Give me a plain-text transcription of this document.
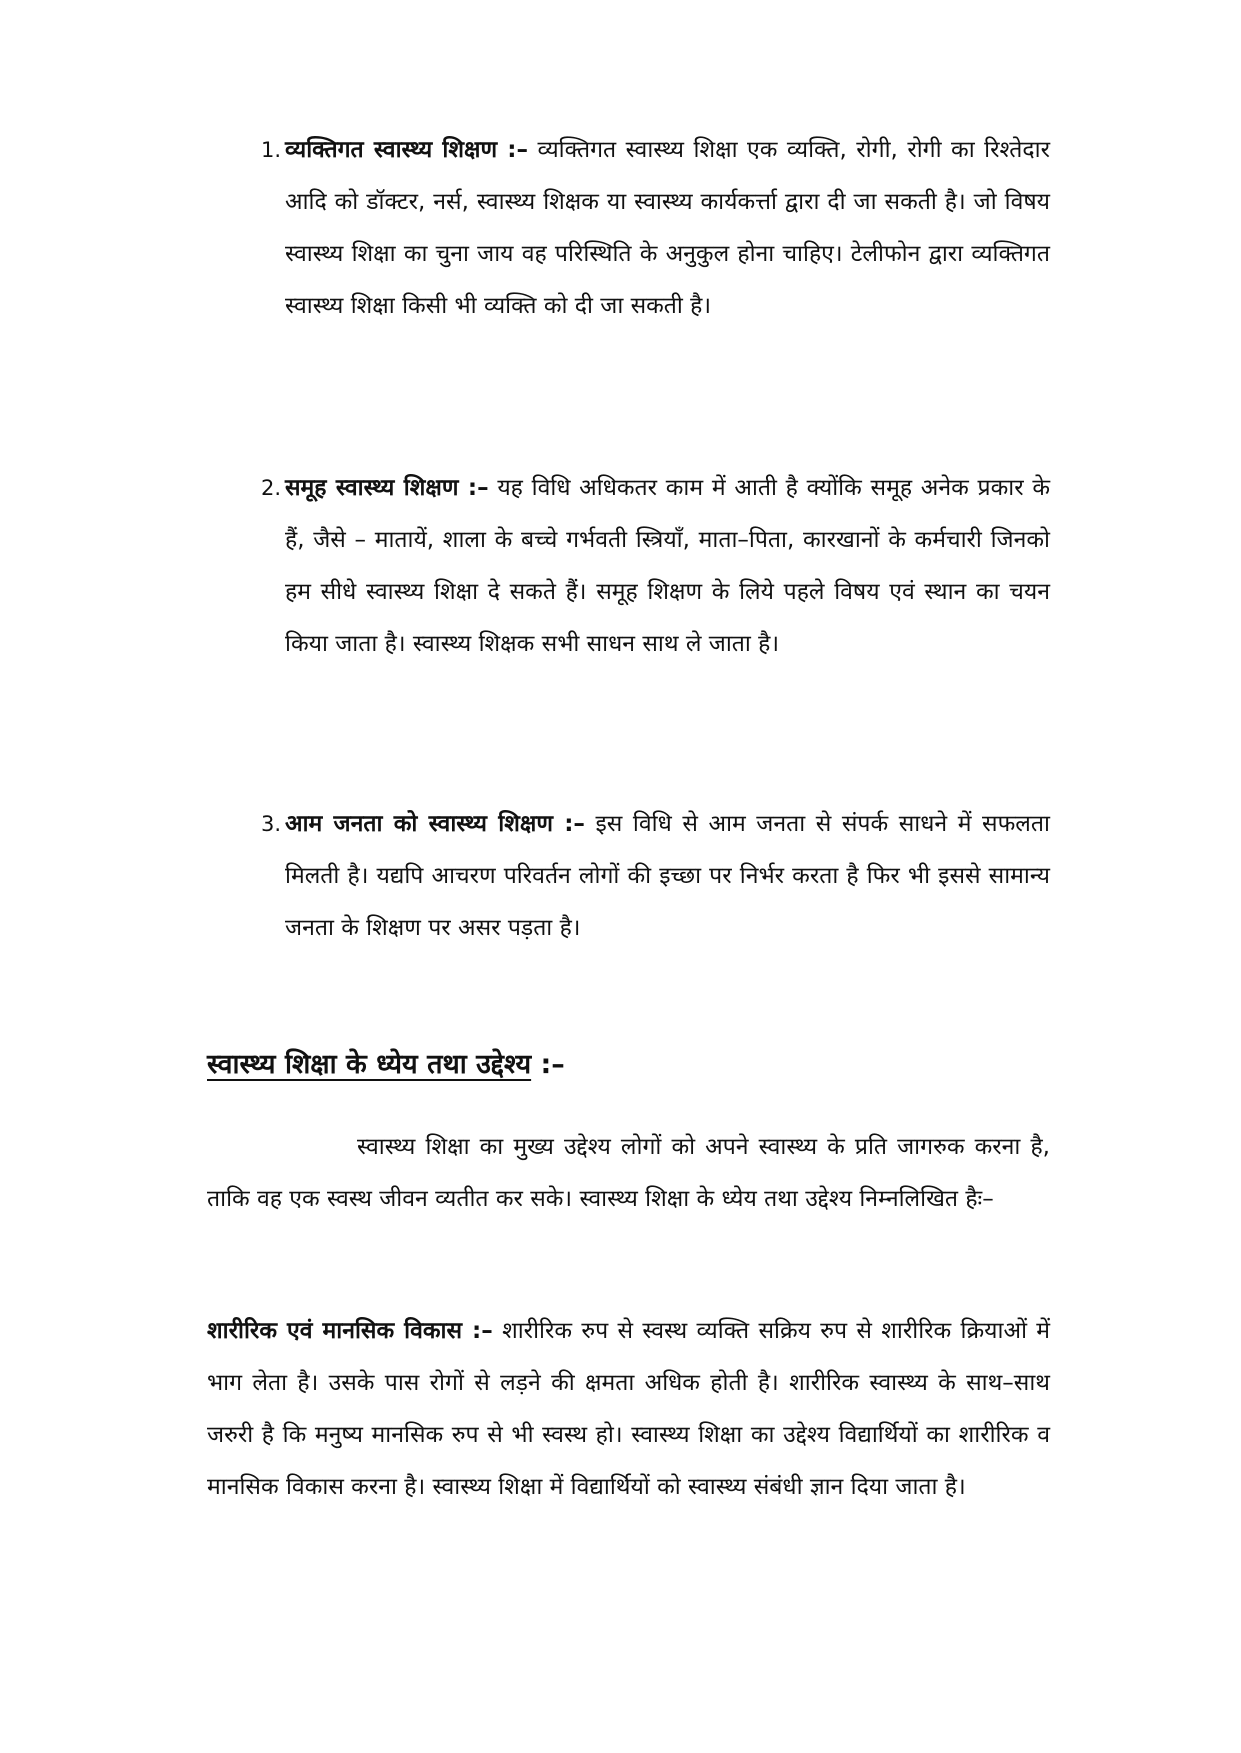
1. व्यक्तिगत स्वास्थ्य शिक्षण :– व्यक्तिगत स्वास्थ्य शिक्षा एक व्यक्ति, रोगी, रोगी का रिश्तेदार आदि को डॉक्टर, नर्स, स्वास्थ्य शिक्षक या स्वास्थ्य कार्यकर्त्ता द्वारा दी जा सकती है। जो विषय स्वास्थ्य शिक्षा का चुना जाय वह परिस्थिति के अनुकुल होना चाहिए। टेलीफोन द्वारा व्यक्तिगत स्वास्थ्य शिक्षा किसी भी व्यक्ति को दी जा सकती है।

2. समूह स्वास्थ्य शिक्षण :– यह विधि अधिकतर काम में आती है क्योंकि समूह अनेक प्रकार के हैं, जैसे – मातायें, शाला के बच्चे गर्भवती स्त्रियाँ, माता–पिता, कारखानों के कर्मचारी जिनको हम सीधे स्वास्थ्य शिक्षा दे सकते हैं। समूह शिक्षण के लिये पहले विषय एवं स्थान का चयन किया जाता है। स्वास्थ्य शिक्षक सभी साधन साथ ले जाता है।

3. आम जनता को स्वास्थ्य शिक्षण :– इस विधि से आम जनता से संपर्क साधने में सफलता मिलती है। यद्यपि आचरण परिवर्तन लोगों की इच्छा पर निर्भर करता है फिर भी इससे सामान्य जनता के शिक्षण पर असर पड़ता है।

स्वास्थ्य शिक्षा के ध्येय तथा उद्देश्य :–

स्वास्थ्य शिक्षा का मुख्य उद्देश्य लोगों को अपने स्वास्थ्य के प्रति जागरुक करना है, ताकि वह एक स्वस्थ जीवन व्यतीत कर सके। स्वास्थ्य शिक्षा के ध्येय तथा उद्देश्य निम्नलिखित हैः–

शारीरिक एवं मानसिक विकास :– शारीरिक रुप से स्वस्थ व्यक्ति सक्रिय रुप से शारीरिक क्रियाओं में भाग लेता है। उसके पास रोगों से लड़ने की क्षमता अधिक होती है। शारीरिक स्वास्थ्य के साथ–साथ जरुरी है कि मनुष्य मानसिक रुप से भी स्वस्थ हो। स्वास्थ्य शिक्षा का उद्देश्य विद्यार्थियों का शारीरिक व मानसिक विकास करना है। स्वास्थ्य शिक्षा में विद्यार्थियों को स्वास्थ्य संबंधी ज्ञान दिया जाता है।
